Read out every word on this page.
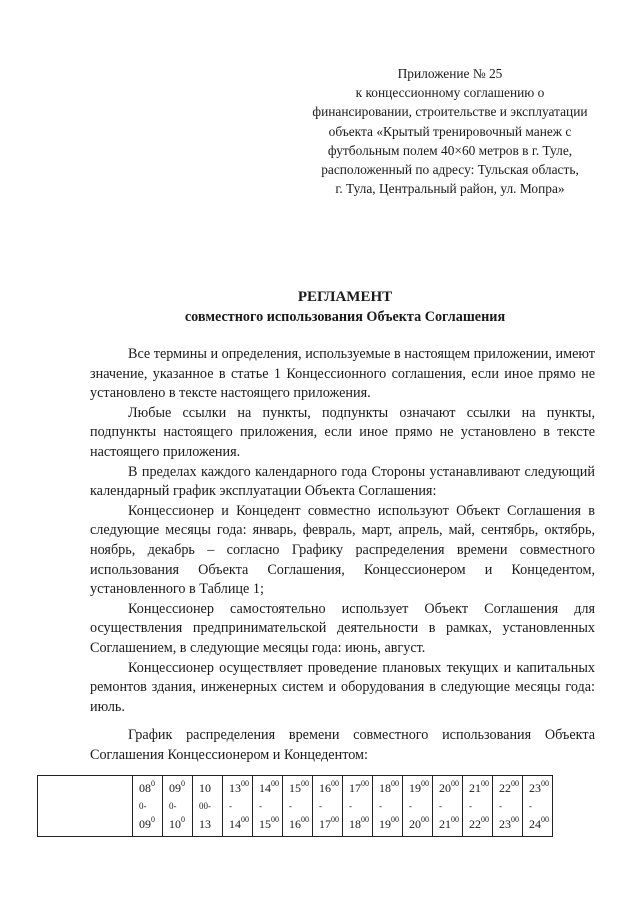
Приложение № 25
к концессионному соглашению о
финансировании, строительстве и эксплуатации
объекта «Крытый тренировочный манеж с
футбольным полем 40×60 метров в г. Туле,
расположенный по адресу: Тульская область,
г. Тула, Центральный район, ул. Мопра»
РЕГЛАМЕНТ
совместного использования Объекта Соглашения

Все термины и определения, используемые в настоящем приложении, имеют значение, указанное в статье 1 Концессионного соглашения, если иное прямо не установлено в тексте настоящего приложения.

Любые ссылки на пункты, подпункты означают ссылки на пункты, подпункты настоящего приложения, если иное прямо не установлено в тексте настоящего приложения.

В пределах каждого календарного года Стороны устанавливают следующий календарный график эксплуатации Объекта Соглашения:

Концессионер и Концедент совместно используют Объект Соглашения в следующие месяцы года: январь, февраль, март, апрель, май, сентябрь, октябрь, ноябрь, декабрь – согласно Графику распределения времени совместного использования Объекта Соглашения, Концессионером и Концедентом, установленного в Таблице 1;

Концессионер самостоятельно использует Объект Соглашения для осуществления предпринимательской деятельности в рамках, установленных Соглашением, в следующие месяцы года: июнь, август.

Концессионер осуществляет проведение плановых текущих и капитальных ремонтов здания, инженерных систем и оборудования в следующие месяцы года: июль.

График распределения времени совместного использования Объекта Соглашения Концессионером и Концедентом:

$08^0$
0-
$09^0$

$09^0$
0-
$10^0$

10
00-
13

$13^{00}$
-
$14^{00}$

$14^{00}$
-
$15^{00}$

$15^{00}$
-
$16^{00}$

$16^{00}$
-
$17^{00}$

$17^{00}$
-
$18^{00}$

$18^{00}$
-
$19^{00}$

$19^{00}$
-
$20^{00}$

$20^{00}$
-
$21^{00}$

$21^{00}$
-
$22^{00}$

$22^{00}$
-
$23^{00}$

$23^{00}$
-
$24^{00}$
